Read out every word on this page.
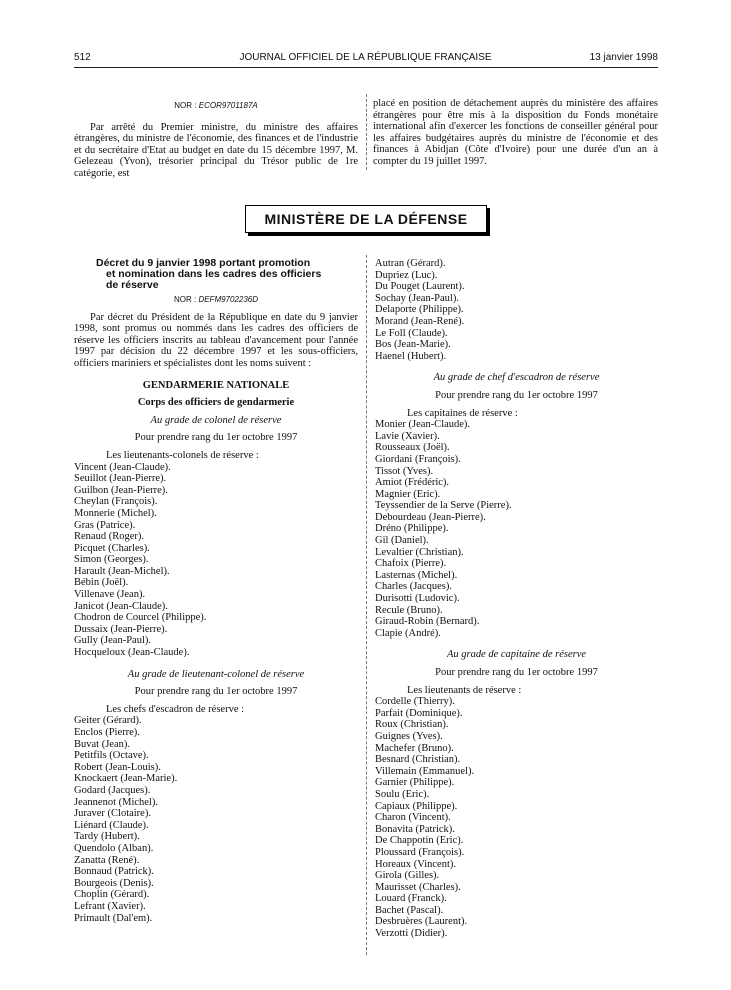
512	JOURNAL OFFICIEL DE LA RÉPUBLIQUE FRANÇAISE	13 janvier 1998
NOR : ECOR9701187A

Par arrêté du Premier ministre, du ministre des affaires étrangères, du ministre de l'économie, des finances et de l'industrie et du secrétaire d'Etat au budget en date du 15 décembre 1997, M. Gelezeau (Yvon), trésorier principal du Trésor public de 1re catégorie, est

placé en position de détachement auprès du ministère des affaires étrangères pour être mis à la disposition du Fonds monétaire international afin d'exercer les fonctions de conseiller général pour les affaires budgétaires auprès du ministre de l'économie et des finances à Abidjan (Côte d'Ivoire) pour une durée d'un an à compter du 19 juillet 1997.

MINISTÈRE DE LA DÉFENSE
Décret du 9 janvier 1998 portant promotion
et nomination dans les cadres des officiers
de réserve
NOR : DEFM9702236D

Par décret du Président de la République en date du 9 janvier 1998, sont promus ou nommés dans les cadres des officiers de réserve les officiers inscrits au tableau d'avancement pour l'année 1997 par décision du 22 décembre 1997 et les sous-officiers, officiers mariniers et spécialistes dont les noms suivent :

GENDARMERIE NATIONALE
Corps des officiers de gendarmerie
Au grade de colonel de réserve
Pour prendre rang du 1er octobre 1997
Les lieutenants-colonels de réserve :
Vincent (Jean-Claude).
Seuillot (Jean-Pierre).
Guilbon (Jean-Pierre).
Cheylan (François).
Monnerie (Michel).
Gras (Patrice).
Renaud (Roger).
Picquet (Charles).
Simon (Georges).
Harault (Jean-Michel).
Bébin (Joël).
Villenave (Jean).
Janicot (Jean-Claude).
Chodron de Courcel (Philippe).
Dussaix (Jean-Pierre).
Gully (Jean-Paul).
Hocqueloux (Jean-Claude).
Au grade de lieutenant-colonel de réserve
Pour prendre rang du 1er octobre 1997
Les chefs d'escadron de réserve :
Geiter (Gérard).
Enclos (Pierre).
Buvat (Jean).
Petitfils (Octave).
Robert (Jean-Louis).
Knockaert (Jean-Marie).
Godard (Jacques).
Jeannenot (Michel).
Juraver (Clotaire).
Liénard (Claude).
Tardy (Hubert).
Quendolo (Alban).
Zanatta (René).
Bonnaud (Patrick).
Bourgeois (Denis).
Choplin (Gérard).
Lefrant (Xavier).
Primault (Dal'em).
Autran (Gérard).
Dupriez (Luc).
Du Pouget (Laurent).
Sochay (Jean-Paul).
Delaporte (Philippe).
Morand (Jean-René).
Le Foll (Claude).
Bos (Jean-Marie).
Haenel (Hubert).
Au grade de chef d'escadron de réserve
Pour prendre rang du 1er octobre 1997
Les capitaines de réserve :
Monier (Jean-Claude).
Lavie (Xavier).
Rousseaux (Joël).
Giordani (François).
Tissot (Yves).
Amiot (Frédéric).
Magnier (Eric).
Teyssendier de la Serve (Pierre).
Debourdeau (Jean-Pierre).
Dréno (Philippe).
Gil (Daniel).
Levaltier (Christian).
Chafoix (Pierre).
Lasternas (Michel).
Charles (Jacques).
Durisotti (Ludovic).
Recule (Bruno).
Giraud-Robin (Bernard).
Clapie (André).
Au grade de capitaine de réserve
Pour prendre rang du 1er octobre 1997
Les lieutenants de réserve :
Cordelle (Thierry).
Parfait (Dominique).
Roux (Christian).
Guignes (Yves).
Machefer (Bruno).
Besnard (Christian).
Villemain (Emmanuel).
Garnier (Philippe).
Soulu (Eric).
Capiaux (Philippe).
Charon (Vincent).
Bonavita (Patrick).
De Chappotin (Eric).
Ploussard (François).
Horeaux (Vincent).
Girola (Gilles).
Maurisset (Charles).
Louard (Franck).
Bachet (Pascal).
Desbruères (Laurent).
Verzotti (Didier).
